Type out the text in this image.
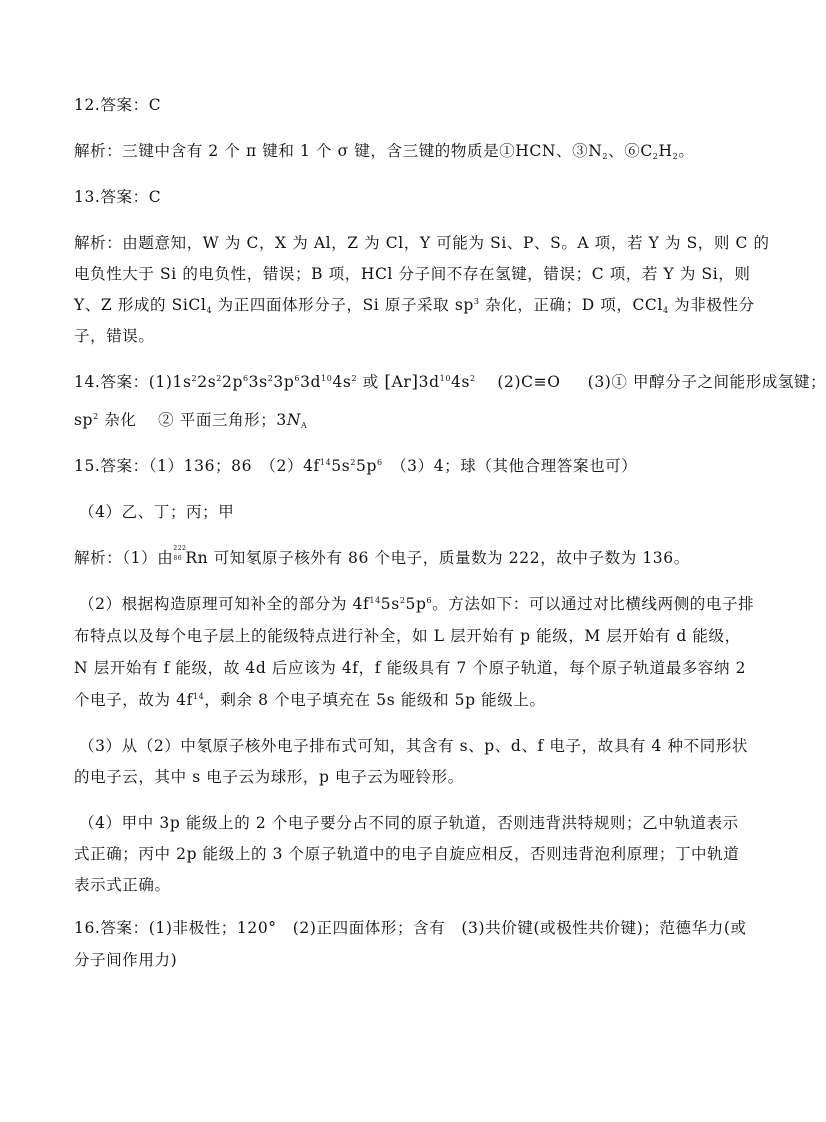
12.答案：C
解析：三键中含有 2 个 π 键和 1 个 σ 键，含三键的物质是①HCN、$③N_2$、$⑥C_2H_2$。
13.答案：C
解析：由题意知，W 为 C，X 为 Al，Z 为 Cl，Y 可能为 Si、P、S。A 项，若 Y 为 S，则 C 的
电负性大于 Si 的电负性，错误；B 项，HCl 分子间不存在氢键，错误；C 项，若 Y 为 Si，则
Y、Z 形成的 SiCl$_4$ 为正四面体形分子，Si 原子采取 $sp^3$ 杂化，正确；D 项，CCl$_4$ 为非极性分
子，错误。
14.答案：$(1)1s^22s^22p^63s^23p^63d^{10}4s^2$ 或 $[Ar]3d^{10}4s^2$　 (2)C≡O　 (3)① 甲醇分子之间能形成氢键；
$sp^2$ 杂化　 ② 平面三角形；$3N_A$
15.答案：（1）136；86　$(2)4f^{14}5s^25p^6$　 （3）4；球（其他合理答案也可）
（4）乙、丁；丙；甲
解析：（1）由
222
86 Rn 可知氡原子核外有 86 个电子，质量数为 222，故中子数为 136。
（2）根据构造原理可知补全的部分为 $4f^{14}5s^25p^6$。方法如下：可以通过对比横线两侧的电子排
布特点以及每个电子层上的能级特点进行补全，如 L 层开始有 p 能级，M 层开始有 d 能级，
N 层开始有 f 能级，故 4d 后应该为 4f，f 能级具有 7 个原子轨道，每个原子轨道最多容纳 2
个电子，故为 $4f^{14}$，剩余 8 个电子填充在 5s 能级和 5p 能级上。
（3）从（2）中氡原子核外电子排布式可知，其含有 s、p、d、f 电子，故具有 4 种不同形状
的电子云，其中 s 电子云为球形，p 电子云为哑铃形。
（4）甲中 3p 能级上的 2 个电子要分占不同的原子轨道，否则违背洪特规则；乙中轨道表示
式正确；丙中 2p 能级上的 3 个原子轨道中的电子自旋应相反，否则违背泡利原理；丁中轨道
表示式正确。
16.答案：(1)非极性；120°　(2)正四面体形；含有　(3)共价键(或极性共价键)；范德华力(或
分子间作用力)
